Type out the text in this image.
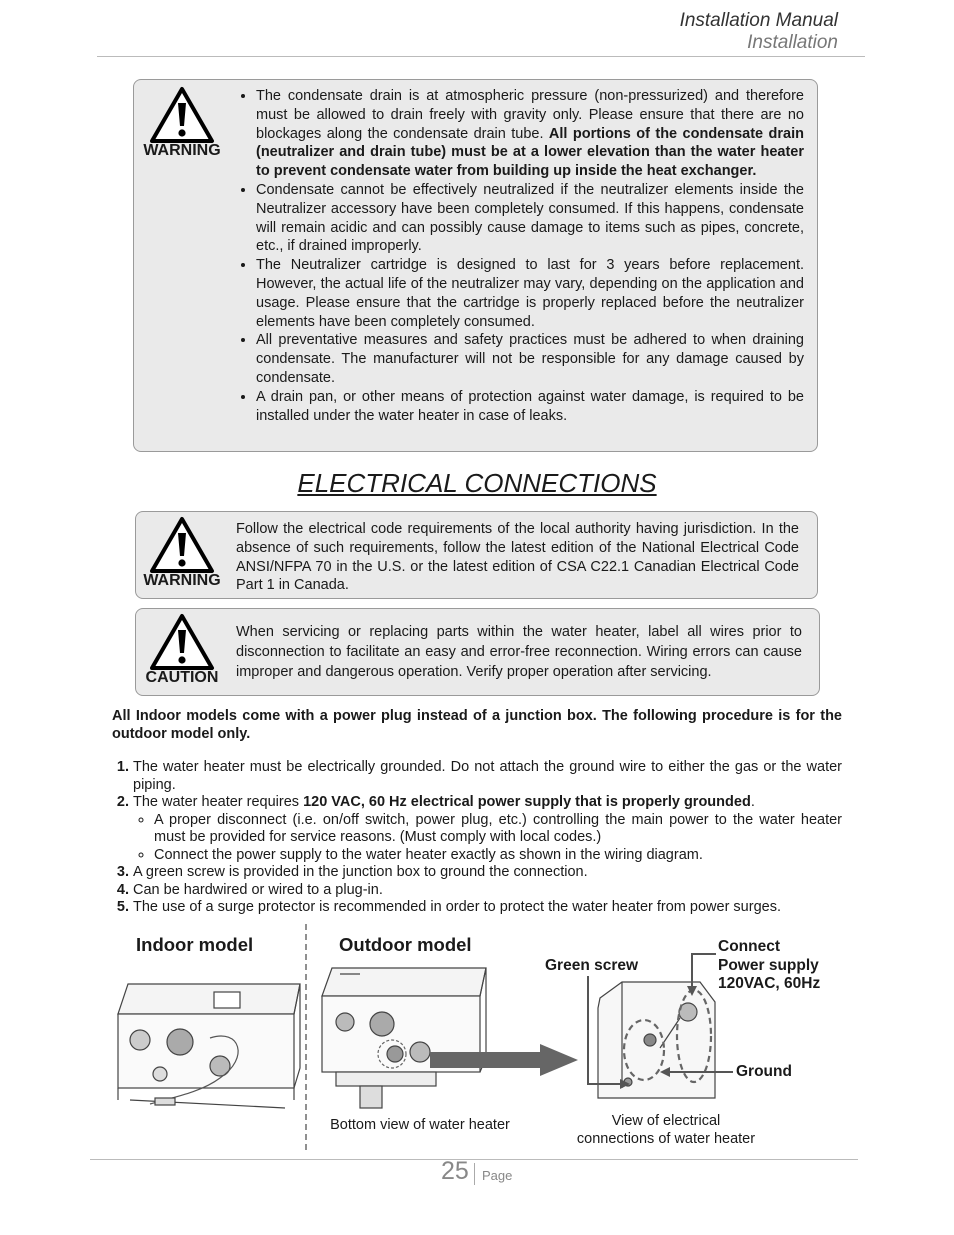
Installation Manual
Installation
WARNING
• The condensate drain is at atmospheric pressure (non-pressurized) and therefore must be allowed to drain freely with gravity only. Please ensure that there are no blockages along the condensate drain tube. All portions of the condensate drain (neutralizer and drain tube) must be at a lower elevation than the water heater to prevent condensate water from building up inside the heat exchanger.
• Condensate cannot be effectively neutralized if the neutralizer elements inside the Neutralizer accessory have been completely consumed. If this happens, condensate will remain acidic and can possibly cause damage to items such as pipes, concrete, etc., if drained improperly.
• The Neutralizer cartridge is designed to last for 3 years before replacement. However, the actual life of the neutralizer may vary, depending on the application and usage. Please ensure that the cartridge is properly replaced before the neutralizer elements have been completely consumed.
• All preventative measures and safety practices must be adhered to when draining condensate. The manufacturer will not be responsible for any damage caused by condensate.
• A drain pan, or other means of protection against water damage, is required to be installed under the water heater in case of leaks.
ELECTRICAL CONNECTIONS
WARNING
Follow the electrical code requirements of the local authority having jurisdiction. In the absence of such requirements, follow the latest edition of the National Electrical Code ANSI/NFPA 70 in the U.S. or the latest edition of CSA C22.1 Canadian Electrical Code Part 1 in Canada.
CAUTION
When servicing or replacing parts within the water heater, label all wires prior to disconnection to facilitate an easy and error-free reconnection. Wiring errors can cause improper and dangerous operation. Verify proper operation after servicing.
All Indoor models come with a power plug instead of a junction box. The following procedure is for the outdoor model only.
1. The water heater must be electrically grounded. Do not attach the ground wire to either the gas or the water piping.
2. The water heater requires 120 VAC, 60 Hz electrical power supply that is properly grounded.
◦ A proper disconnect (i.e. on/off switch, power plug, etc.) controlling the main power to the water heater must be provided for service reasons. (Must comply with local codes.)
◦ Connect the power supply to the water heater exactly as shown in the wiring diagram.
3. A green screw is provided in the junction box to ground the connection.
4. Can be hardwired or wired to a plug-in.
5. The use of a surge protector is recommended in order to protect the water heater from power surges.
Indoor model	Outdoor model
Green screw
Connect
Power supply
120VAC, 60Hz
Ground
Bottom view of water heater	View of electrical
connections of water heater
25 Page
